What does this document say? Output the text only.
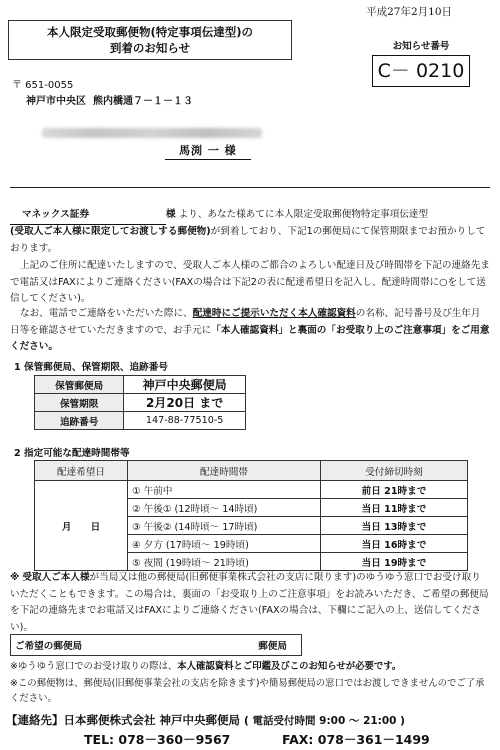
平成27年2月10日
本人限定受取郵便物(特定事項伝達型)の
到着のお知らせ	お知らせ番号
C－ 0210
〒 651-0055
神戸市中央区 熊内橋通７－１－１３
馬渕 一 様
マネックス証券	様 より、あなた様あてに本人限定受取郵便物特定事項伝達型
(受取人ご本人様に限定してお渡しする郵便物)が到着しており、下記1の郵便局にて保管期限までお預かりしております。
上記のご住所に配達いたしますので、受取人ご本人様のご都合のよろしい配達日及び時間帯を下記の連絡先まで電話又はFAXによりご連絡ください(FAXの場合は下記2の表に配達希望日を記入し、配達時間帯に○をして送信してください)。
なお、電話でご連絡をいただいた際に、配達時にご提示いただく本人確認資料の名称、記号番号及び生年月日等を確認させていただきますので、お手元に「本人確認資料」と裏面の「お受取り上のご注意事項」をご用意ください。
1 保管郵便局、保管期限、追跡番号
保管郵便局	神戸中央郵便局
保管期限	2月20日 まで
追跡番号	147-88-77510-5
2 指定可能な配達時間帯等
配達希望日	配達時間帯	受付締切時刻
月　　日	① 午前中	前日 21時まで
	② 午後① (12時頃～ 14時頃)	当日 11時まで
	③ 午後② (14時頃～ 17時頃)	当日 13時まで
	④ 夕方 (17時頃～ 19時頃)	当日 16時まで
	⑤ 夜間 (19時頃～ 21時頃)	当日 19時まで
※ 受取人ご本人様が当局又は他の郵便局(旧郵便事業株式会社の支店に限ります)のゆうゆう窓口でお受け取りいただくこともできます。この場合は、裏面の「お受取り上のご注意事項」をお読みいただき、ご希望の郵便局を下記の連絡先までお電話又はFAXによりご連絡ください(FAXの場合は、下欄にご記入の上、送信してください)。
ご希望の郵便局	郵便局
※ゆうゆう窓口でのお受け取りの際は、本人確認資料とご印鑑及びこのお知らせが必要です。
※この郵便物は、郵便局(旧郵便事業会社の支店を除きます)や簡易郵便局の窓口ではお渡しできませんのでご了承ください。
【連絡先】日本郵便株式会社 神戸中央郵便局 ( 電話受付時間 9:00 ～ 21:00 )
TEL: 078－360－9567	FAX: 078－361－1499
